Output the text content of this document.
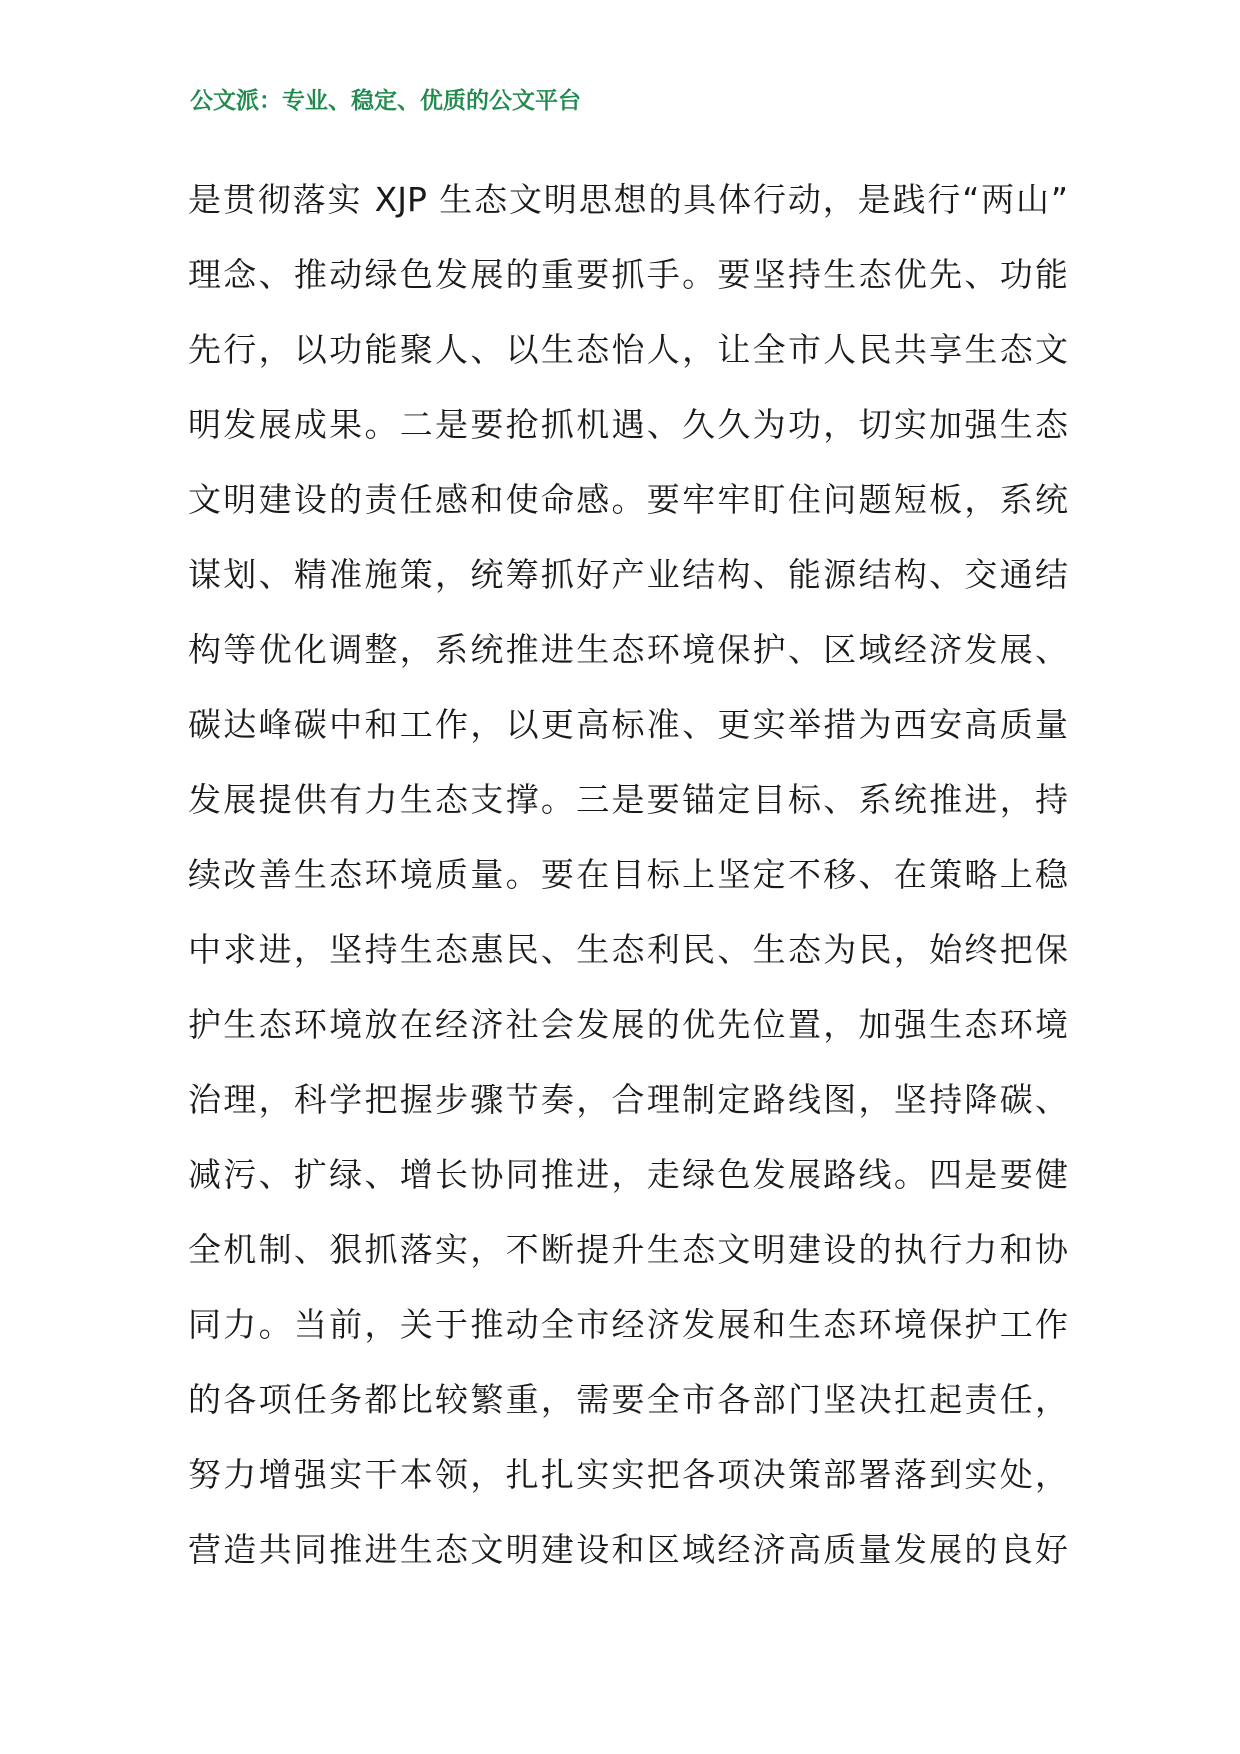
公文派：专业、稳定、优质的公文平台
是贯彻落实 XJP 生态文明思想的具体行动，是践行“两山”
理念、推动绿色发展的重要抓手。要坚持生态优先、功能
先行，以功能聚人、以生态怡人，让全市人民共享生态文
明发展成果。二是要抢抓机遇、久久为功，切实加强生态
文明建设的责任感和使命感。要牢牢盯住问题短板，系统
谋划、精准施策，统筹抓好产业结构、能源结构、交通结
构等优化调整，系统推进生态环境保护、区域经济发展、
碳达峰碳中和工作，以更高标准、更实举措为西安高质量
发展提供有力生态支撑。三是要锚定目标、系统推进，持
续改善生态环境质量。要在目标上坚定不移、在策略上稳
中求进，坚持生态惠民、生态利民、生态为民，始终把保
护生态环境放在经济社会发展的优先位置，加强生态环境
治理，科学把握步骤节奏，合理制定路线图，坚持降碳、
减污、扩绿、增长协同推进，走绿色发展路线。四是要健
全机制、狠抓落实，不断提升生态文明建设的执行力和协
同力。当前，关于推动全市经济发展和生态环境保护工作
的各项任务都比较繁重，需要全市各部门坚决扛起责任，
努力增强实干本领，扎扎实实把各项决策部署落到实处，
营造共同推进生态文明建设和区域经济高质量发展的良好
